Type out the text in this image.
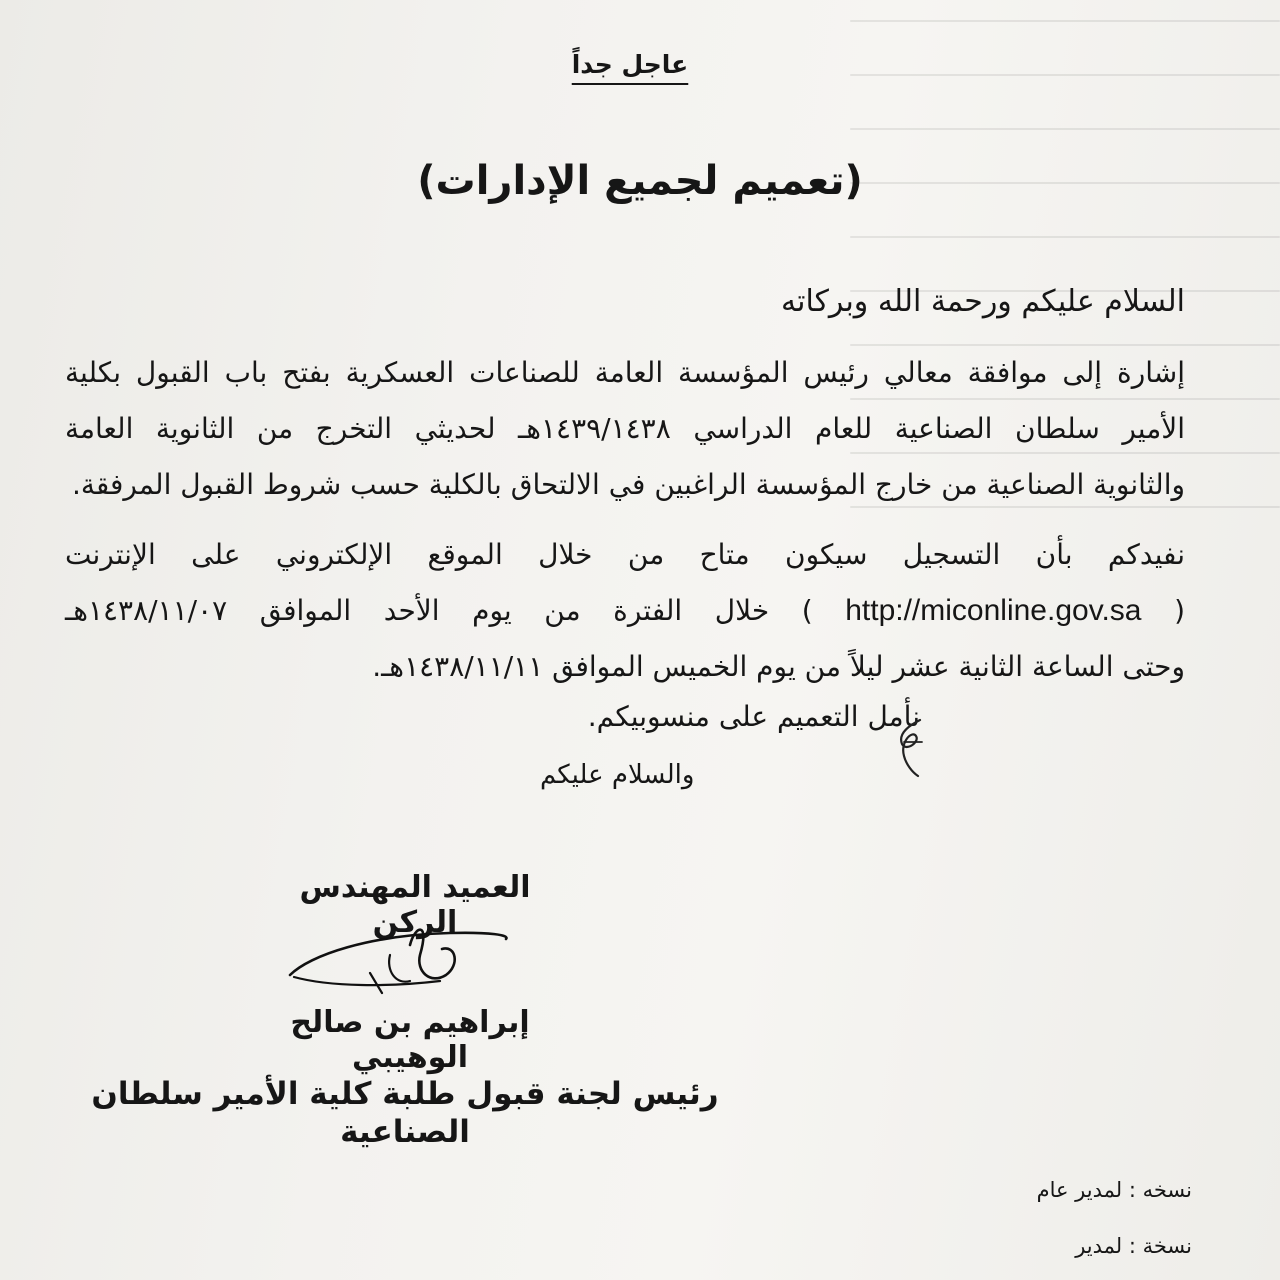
عاجل جداً
(تعميم لجميع الإدارات)
السلام عليكم ورحمة الله وبركاته
إشارة إلى موافقة معالي رئيس المؤسسة العامة للصناعات العسكرية بفتح باب القبول بكلية
الأمير سلطان الصناعية للعام الدراسي ١٤٣٩/١٤٣٨هـ لحديثي التخرج من الثانوية العامة
والثانوية الصناعية من خارج المؤسسة الراغبين في الالتحاق بالكلية حسب شروط القبول المرفقة.
نفيدكم بأن التسجيل سيكون متاح من خلال الموقع الإلكتروني على الإنترنت
( http://miconline.gov.sa ) خلال الفترة من يوم الأحد الموافق ١٤٣٨/١١/٠٧هـ
وحتى الساعة الثانية عشر ليلاً من يوم الخميس الموافق ١٤٣٨/١١/١١هـ.
نأمل التعميم على منسوبيكم.
والسلام عليكم
العميد المهندس الركن
إبراهيم بن صالح الوهيبي
رئيس لجنة قبول طلبة كلية الأمير سلطان الصناعية
نسخه : لمدير عام
نسخة : لمدير
